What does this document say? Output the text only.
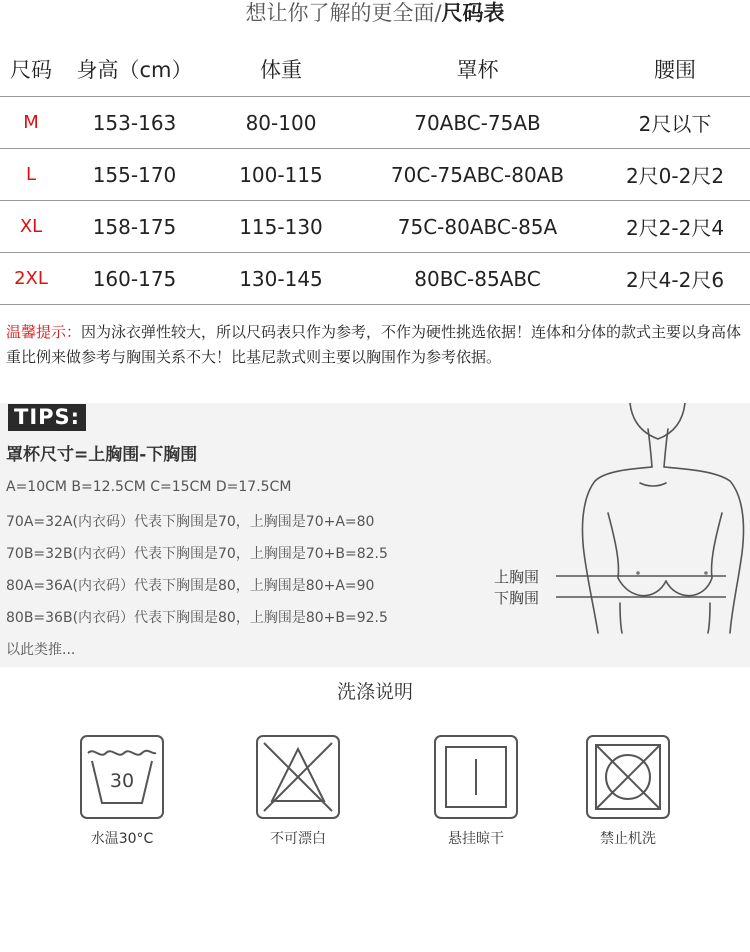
想让你了解的更全面/尺码表
尺码	身高（cm）	体重	罩杯	腰围
M	153-163	80-100	70ABC-75AB	2尺以下
L	155-170	100-115	70C-75ABC-80AB	2尺0-2尺2
XL	158-175	115-130	75C-80ABC-85A	2尺2-2尺4
2XL	160-175	130-145	80BC-85ABC	2尺4-2尺6
温馨提示：因为泳衣弹性较大，所以尺码表只作为参考，不作为硬性挑选依据！连体和分体的款式主要以身高体重比例来做参考与胸围关系不大！比基尼款式则主要以胸围作为参考依据。
TIPS:
罩杯尺寸=上胸围-下胸围
A=10CM B=12.5CM C=15CM D=17.5CM
70A=32A(内衣码）代表下胸围是70，上胸围是70+A=80
70B=32B(内衣码）代表下胸围是70，上胸围是70+B=82.5
80A=36A(内衣码）代表下胸围是80，上胸围是80+A=90
80B=36B(内衣码）代表下胸围是80，上胸围是80+B=92.5
以此类推...
上胸围
下胸围
洗涤说明
30
水温30°C	不可漂白	悬挂晾干	禁止机洗
